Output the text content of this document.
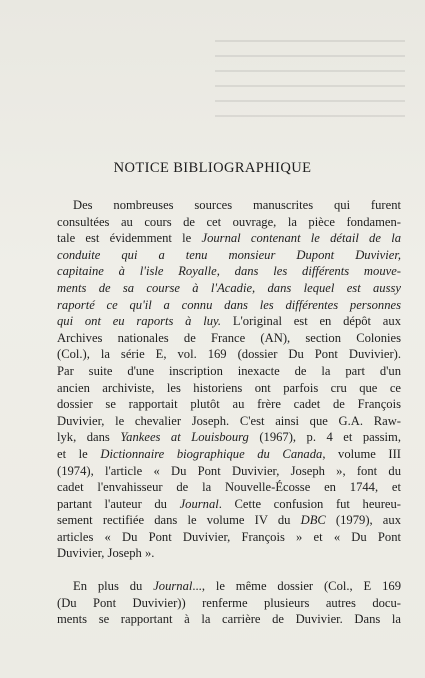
NOTICE BIBLIOGRAPHIQUE
Des nombreuses sources manuscrites qui furent
consultées au cours de cet ouvrage, la pièce fondamen-
tale est évidemment le Journal contenant le détail de la
conduite qui a tenu monsieur Dupont Duvivier,
capitaine à l'isle Royalle, dans les différents mouve-
ments de sa course à l'Acadie, dans lequel est aussy
raporté ce qu'il a connu dans les différentes personnes
qui ont eu raports à luy. L'original est en dépôt aux
Archives nationales de France (AN), section Colonies
(Col.), la série E, vol. 169 (dossier Du Pont Duvivier).
Par suite d'une inscription inexacte de la part d'un
ancien archiviste, les historiens ont parfois cru que ce
dossier se rapportait plutôt au frère cadet de François
Duvivier, le chevalier Joseph. C'est ainsi que G.A. Raw-
lyk, dans Yankees at Louisbourg (1967), p. 4 et passim,
et le Dictionnaire biographique du Canada, volume III
(1974), l'article « Du Pont Duvivier, Joseph », font du
cadet l'envahisseur de la Nouvelle-Écosse en 1744, et
partant l'auteur du Journal. Cette confusion fut heureu-
sement rectifiée dans le volume IV du DBC (1979), aux
articles « Du Pont Duvivier, François » et « Du Pont
Duvivier, Joseph ».
En plus du Journal..., le même dossier (Col., E 169
(Du Pont Duvivier)) renferme plusieurs autres docu-
ments se rapportant à la carrière de Duvivier. Dans la
